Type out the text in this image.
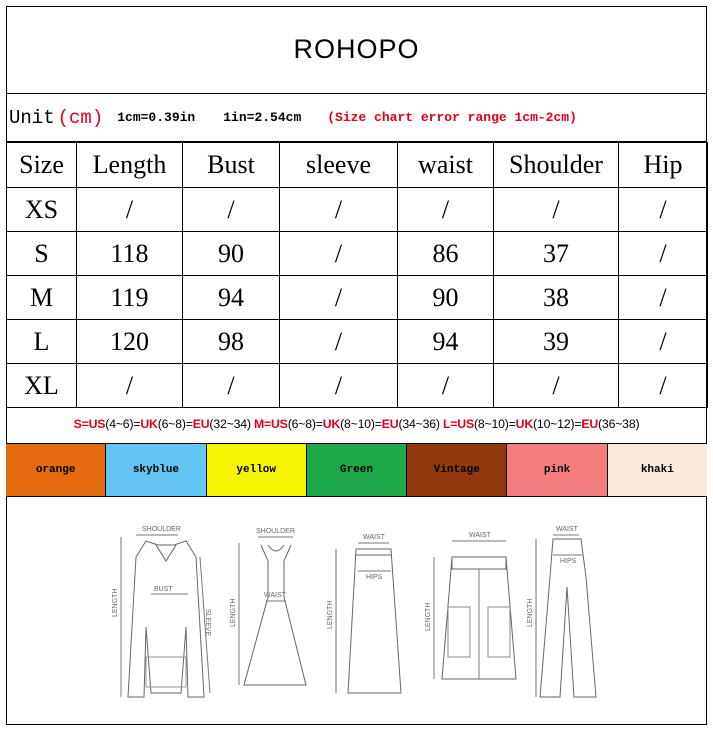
ROHOPO
Unit (cm) 1cm=0.39in 1in=2.54cm (Size chart error range 1cm-2cm)
Size	Length	Bust	sleeve	waist	Shoulder	Hip
XS	/	/	/	/	/	/
S	118	90	/	86	37	/
M	119	94	/	90	38	/
L	120	98	/	94	39	/
XL	/	/	/	/	/	/
S=US(4~6)=UK(6~8)=EU(32~34)
M=US(6~8)=UK(8~10)=EU(34~36)
L=US(8~10)=UK(10~12)=EU(36~38)
orange	skyblue	yellow	Green	Vintage	pink	khaki
SHOULDER
BUST
LENGTH
SLEEVE
SHOULDER
WAIST
LENGTH
WAIST
HIPS
LENGTH
WAIST
LENGTH
WAIST
HIPS
LENGTH
